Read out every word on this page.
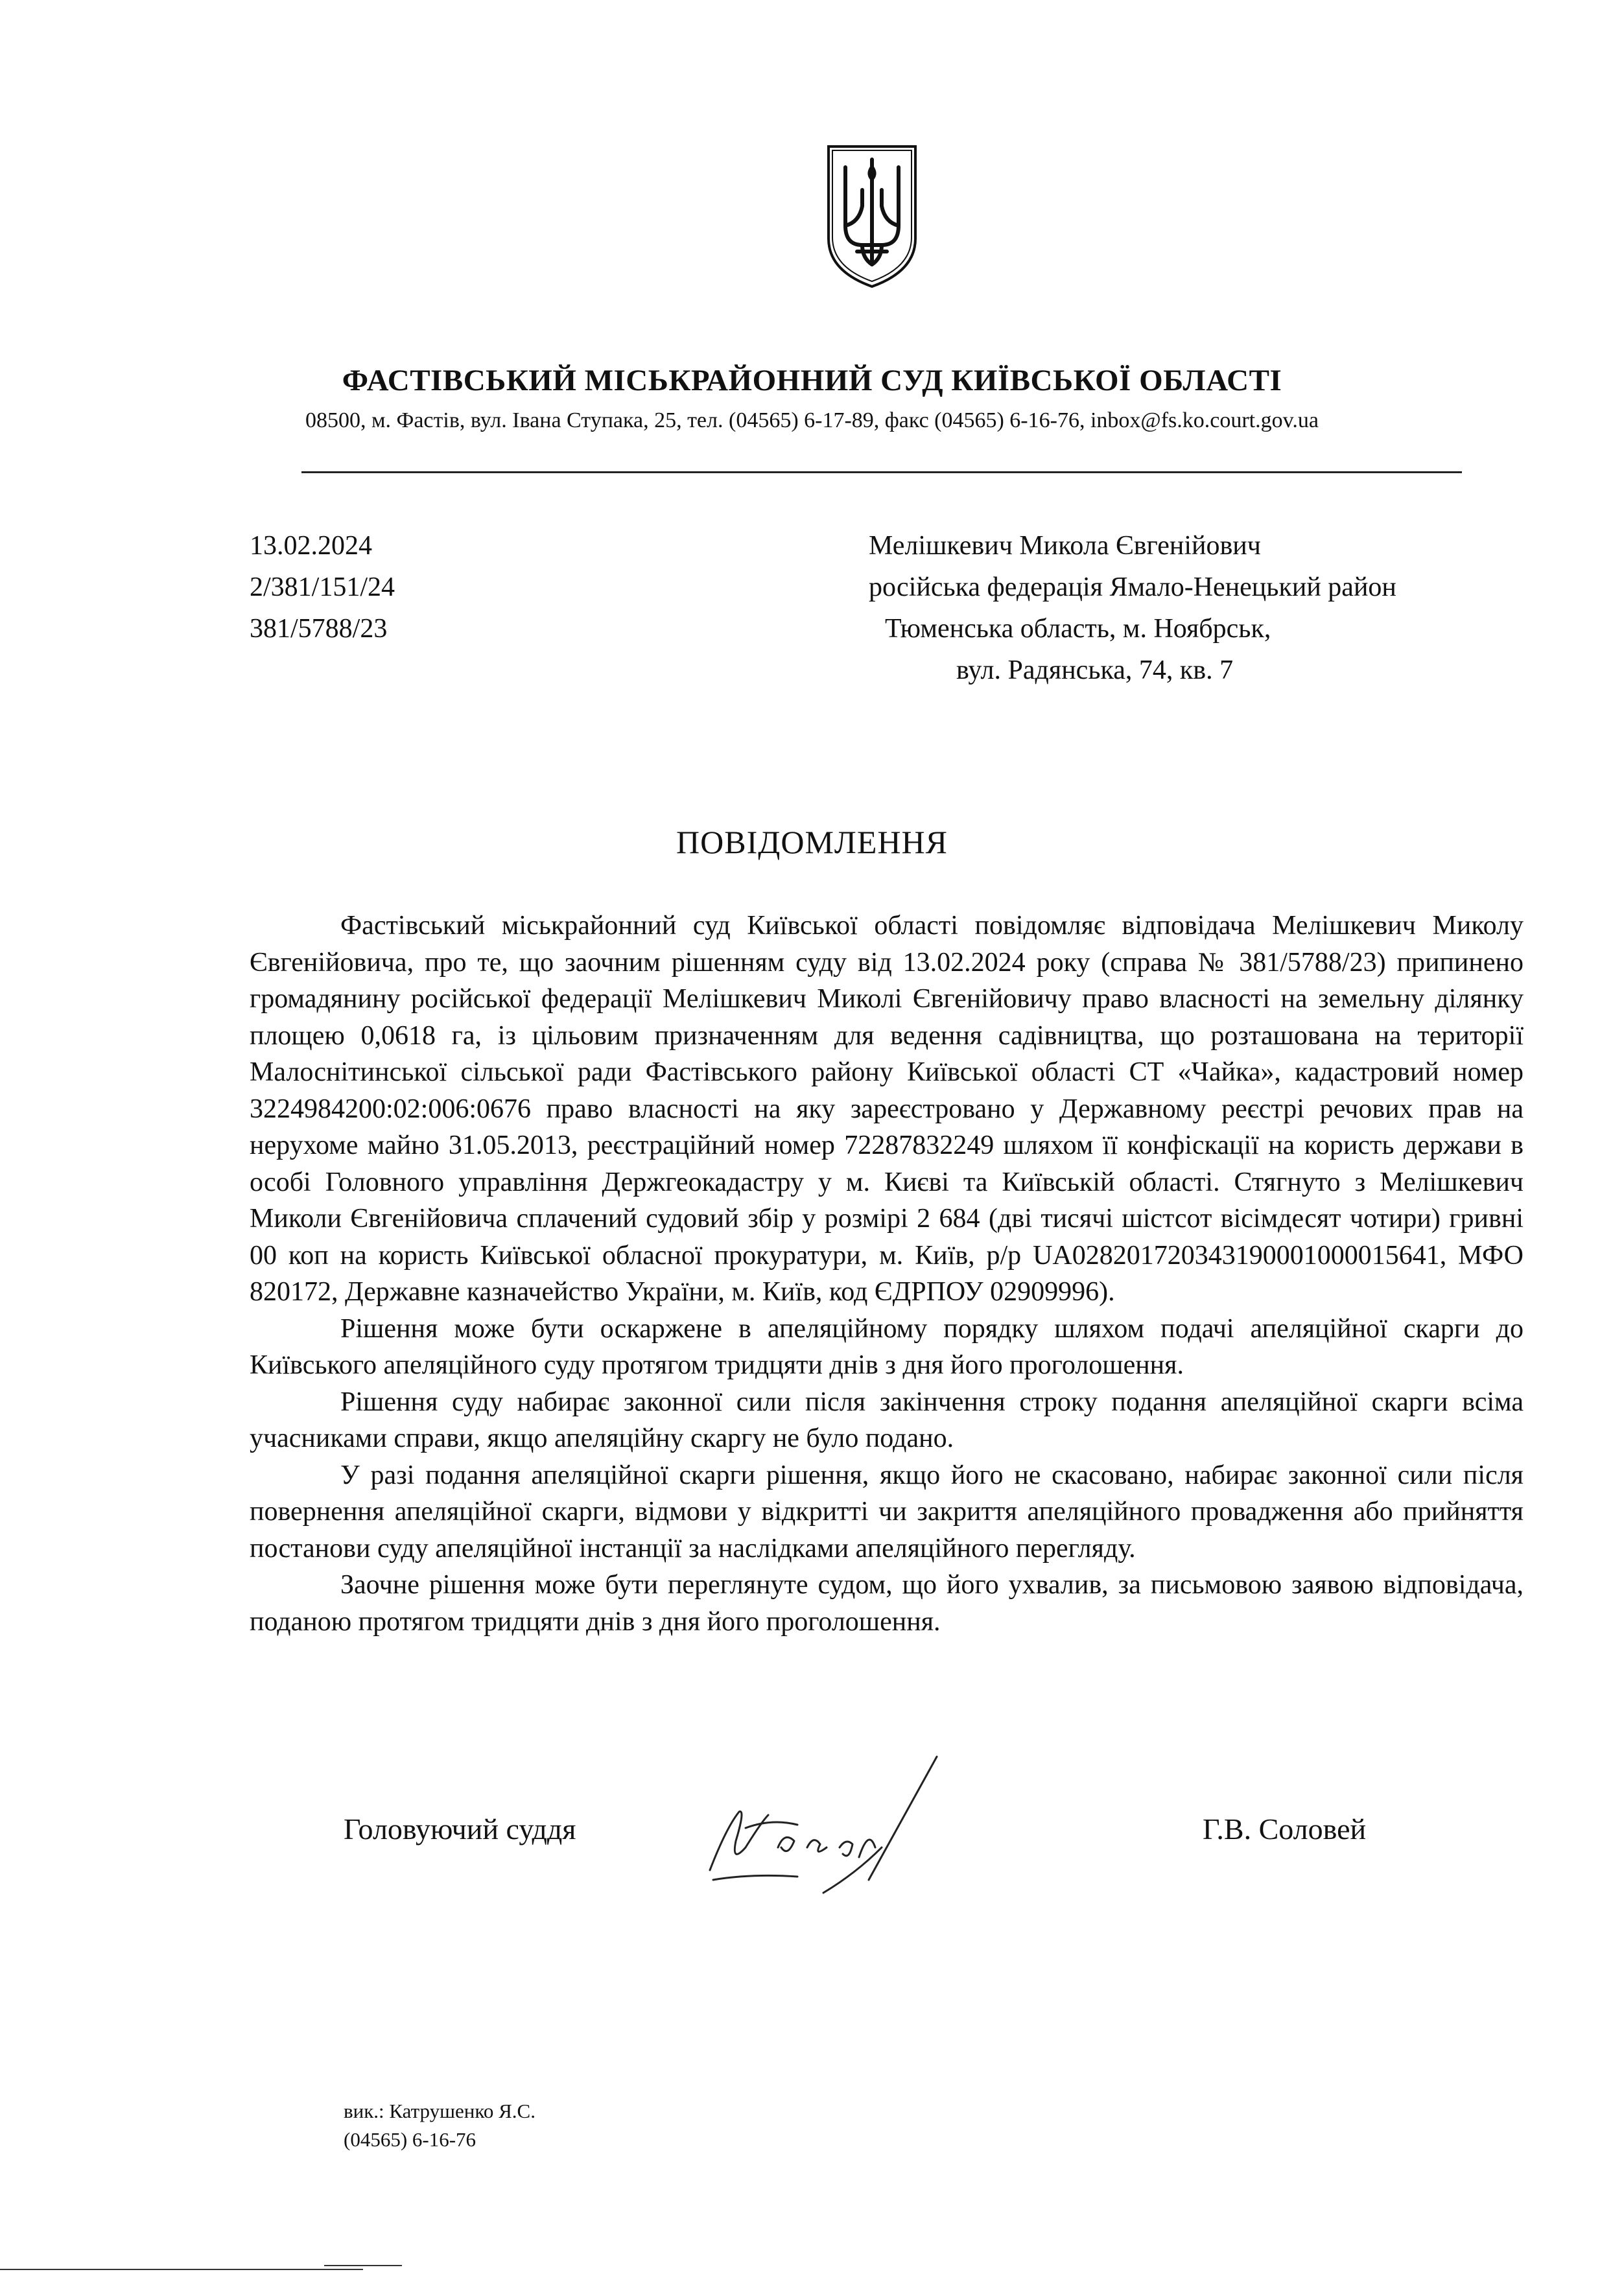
ФАСТІВСЬКИЙ МІСЬКРАЙОННИЙ СУД КИЇВСЬКОЇ ОБЛАСТІ
08500, м. Фастів, вул. Івана Ступака, 25, тел. (04565) 6-17-89, факс (04565) 6-16-76, inbox@fs.ko.court.gov.ua
13.02.2024
2/381/151/24
381/5788/23
Мелішкевич Микола Євгенійович
російська федерація Ямало-Ненецький район
Тюменська область, м. Ноябрськ,
вул. Радянська, 74, кв. 7
ПОВІДОМЛЕННЯ

Фастівський міськрайонний суд Київської області повідомляє відповідача Мелішкевич Миколу Євгенійовича, про те, що заочним рішенням суду від 13.02.2024 року (справа № 381/5788/23) припинено громадянину російської федерації Мелішкевич Миколі Євгенійовичу право власності на земельну ділянку площею 0,0618 га, із цільовим призначенням для ведення садівництва, що розташована на території Малоснітинської сільської ради Фастівського району Київської області СТ «Чайка», кадастровий номер 3224984200:02:006:0676 право власності на яку зареєстровано у Державному реєстрі речових прав на нерухоме майно 31.05.2013, реєстраційний номер 72287832249 шляхом її конфіскації на користь держави в особі Головного управління Держгеокадастру у м. Києві та Київській області. Стягнуто з Мелішкевич Миколи Євгенійовича сплачений судовий збір у розмірі 2 684 (дві тисячі шістсот вісімдесят чотири) гривні 00 коп на користь Київської обласної прокуратури, м. Київ, р/р UA028201720343190001000015641, МФО 820172, Державне казначейство України, м. Київ, код ЄДРПОУ 02909996).

Рішення може бути оскаржене в апеляційному порядку шляхом подачі апеляційної скарги до Київського апеляційного суду протягом тридцяти днів з дня його проголошення.

Рішення суду набирає законної сили після закінчення строку подання апеляційної скарги всіма учасниками справи, якщо апеляційну скаргу не було подано.

У разі подання апеляційної скарги рішення, якщо його не скасовано, набирає законної сили після повернення апеляційної скарги, відмови у відкритті чи закриття апеляційного провадження або прийняття постанови суду апеляційної інстанції за наслідками апеляційного перегляду.

Заочне рішення може бути переглянуте судом, що його ухвалив, за письмовою заявою відповідача, поданою протягом тридцяти днів з дня його проголошення.

Головуючий суддя	Г.В. Соловей
вик.: Катрушенко Я.С.
(04565) 6-16-76
